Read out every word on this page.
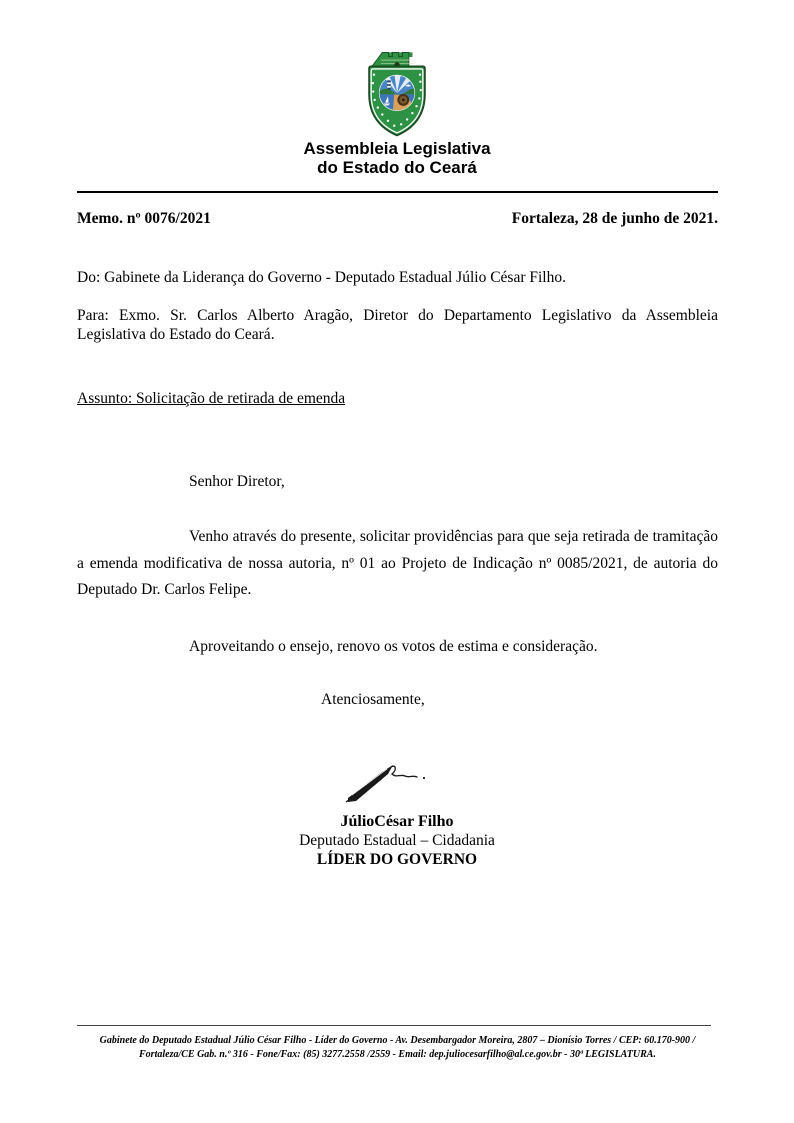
Assembleia Legislativa
do Estado do Ceará
Memo. nº 0076/2021	Fortaleza, 28 de junho de 2021.
Do: Gabinete da Liderança do Governo - Deputado Estadual Júlio César Filho.
Para: Exmo. Sr. Carlos Alberto Aragão, Diretor do Departamento Legislativo da Assembleia Legislativa do Estado do Ceará.
Assunto: Solicitação de retirada de emenda
Senhor Diretor,
Venho através do presente, solicitar providências para que seja retirada de tramitação a emenda modificativa de nossa autoria, nº 01 ao Projeto de Indicação nº 0085/2021, de autoria do Deputado Dr. Carlos Felipe.
Aproveitando o ensejo, renovo os votos de estima e consideração.
Atenciosamente,
JúlioCésar Filho
Deputado Estadual – Cidadania
LÍDER DO GOVERNO
Gabinete do Deputado Estadual Júlio César Filho - Líder do Governo - Av. Desembargador Moreira, 2807 – Dionísio Torres / CEP: 60.170-900 /
Fortaleza/CE Gab. n.º 316 - Fone/Fax: (85) 3277.2558 /2559 - Email: dep.juliocesarfilho@al.ce.gov.br - 30ª LEGISLATURA.
